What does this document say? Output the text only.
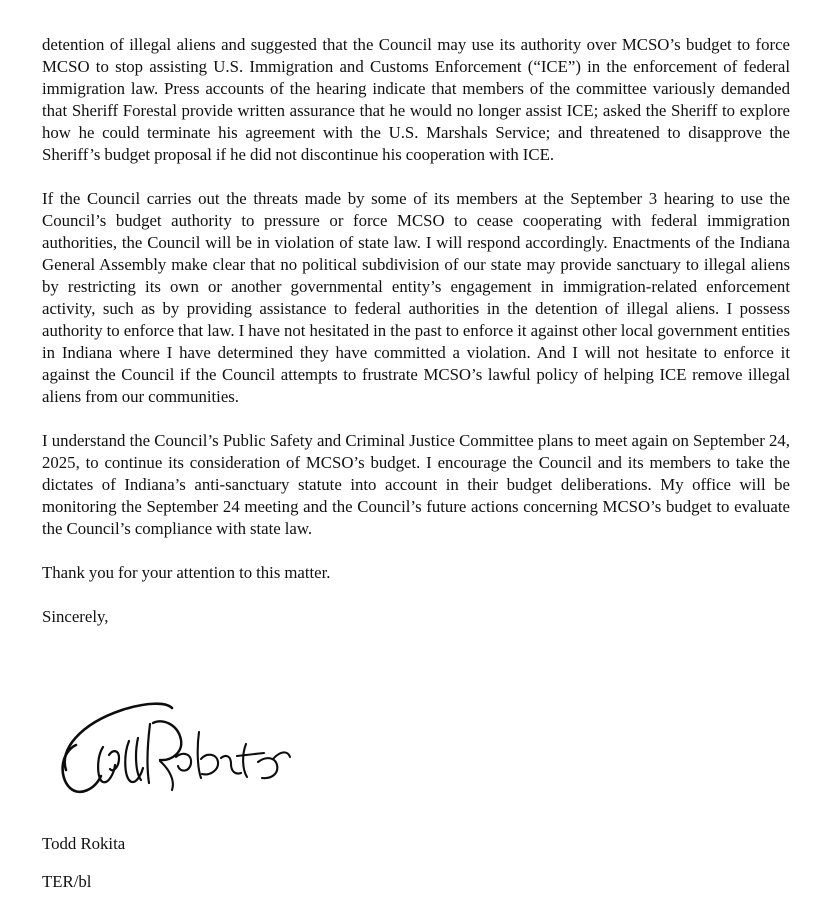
detention of illegal aliens and suggested that the Council may use its authority over MCSO’s budget to force MCSO to stop assisting U.S. Immigration and Customs Enforcement (“ICE”) in the enforcement of federal immigration law. Press accounts of the hearing indicate that members of the committee variously demanded that Sheriff Forestal provide written assurance that he would no longer assist ICE; asked the Sheriff to explore how he could terminate his agreement with the U.S. Marshals Service; and threatened to disapprove the Sheriff’s budget proposal if he did not discontinue his cooperation with ICE.

If the Council carries out the threats made by some of its members at the September 3 hearing to use the Council’s budget authority to pressure or force MCSO to cease cooperating with federal immigration authorities, the Council will be in violation of state law. I will respond accordingly. Enactments of the Indiana General Assembly make clear that no political subdivision of our state may provide sanctuary to illegal aliens by restricting its own or another governmental entity’s engagement in immigration-related enforcement activity, such as by providing assistance to federal authorities in the detention of illegal aliens. I possess authority to enforce that law. I have not hesitated in the past to enforce it against other local government entities in Indiana where I have determined they have committed a violation. And I will not hesitate to enforce it against the Council if the Council attempts to frustrate MCSO’s lawful policy of helping ICE remove illegal aliens from our communities.

I understand the Council’s Public Safety and Criminal Justice Committee plans to meet again on September 24, 2025, to continue its consideration of MCSO’s budget. I encourage the Council and its members to take the dictates of Indiana’s anti-sanctuary statute into account in their budget deliberations. My office will be monitoring the September 24 meeting and the Council’s future actions concerning MCSO’s budget to evaluate the Council’s compliance with state law.

Thank you for your attention to this matter.

Sincerely,

Todd Rokita
TER/bl
